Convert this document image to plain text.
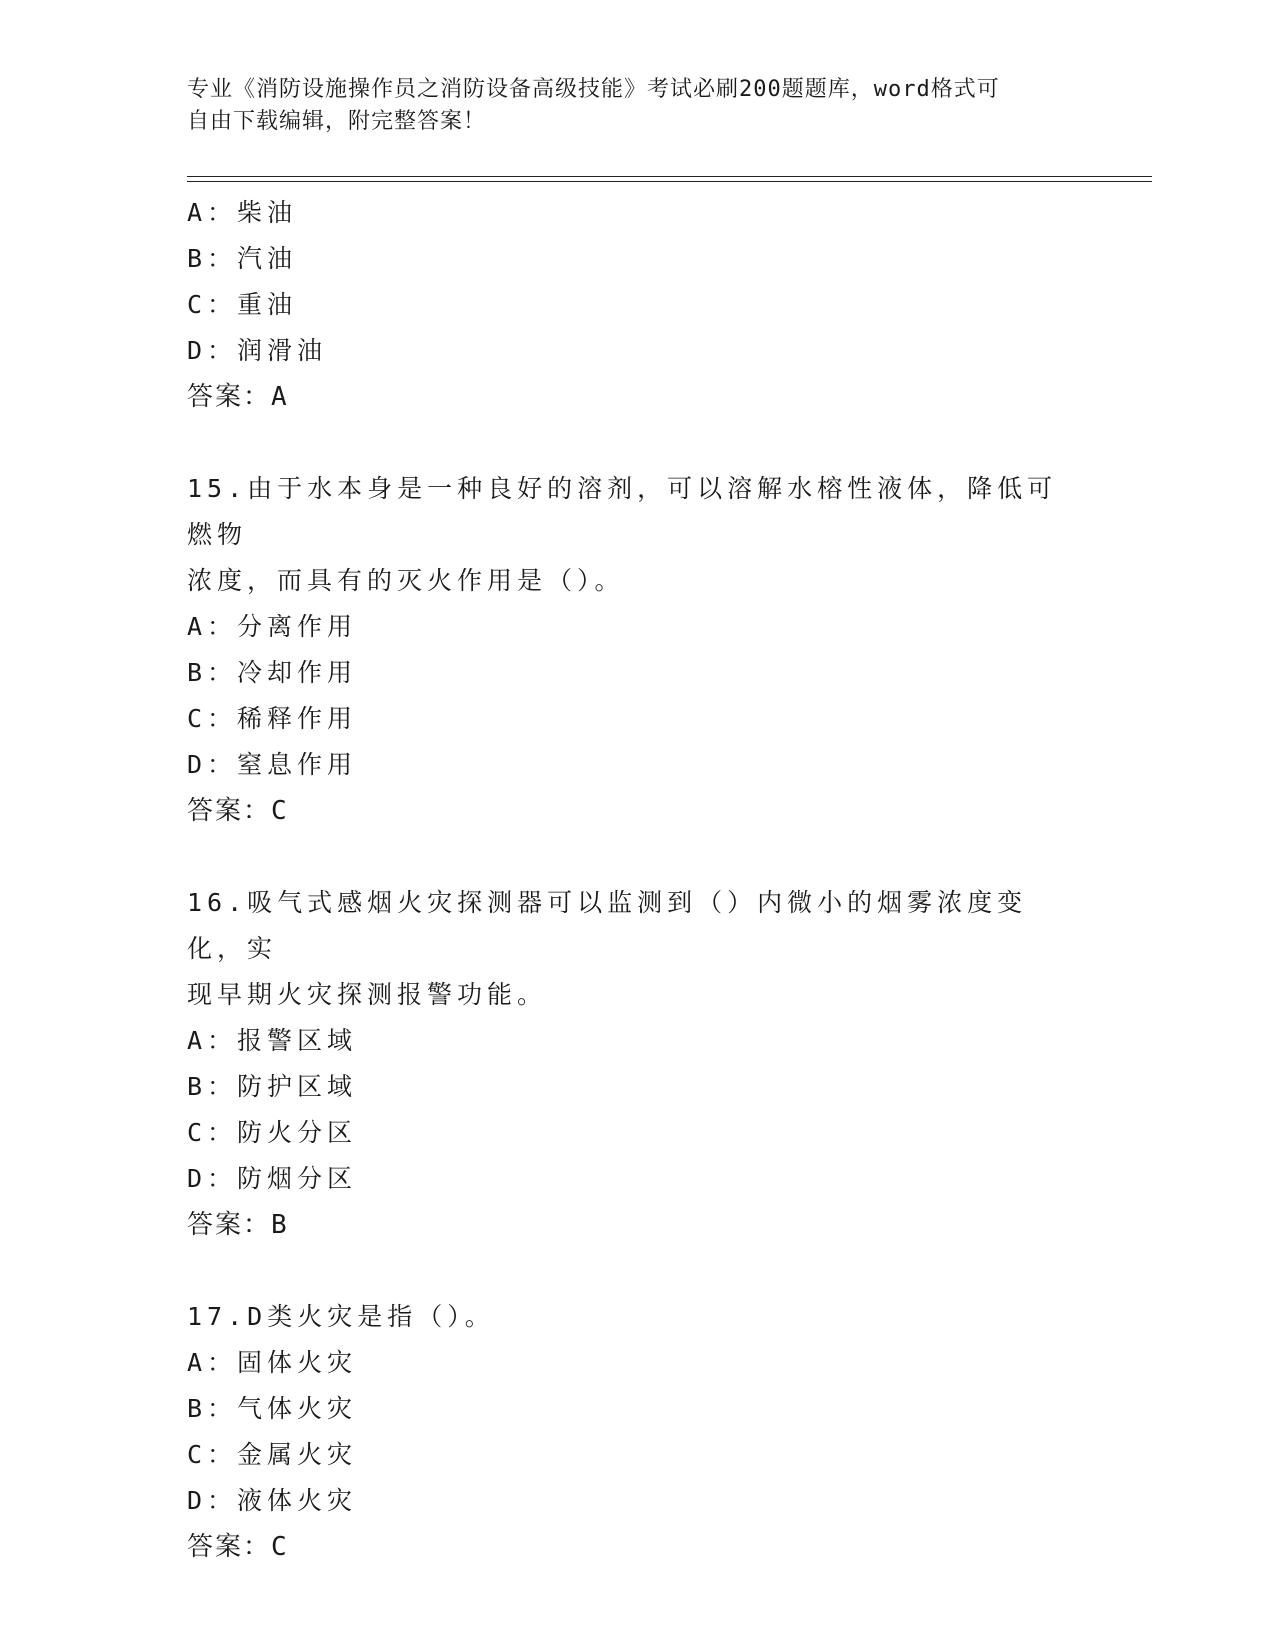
专业《消防设施操作员之消防设备高级技能》考试必刷200题题库，word格式可
自由下载编辑，附完整答案！
A：柴油
B：汽油
C：重油
D：润滑油
答案：A
15.由于水本身是一种良好的溶剂，可以溶解水榕性液体，降低可燃物
浓度，而具有的灭火作用是（）。
A：分离作用
B：冷却作用
C：稀释作用
D：窒息作用
答案：C
16.吸气式感烟火灾探测器可以监测到（）内微小的烟雾浓度变化，实
现早期火灾探测报警功能。
A：报警区域
B：防护区域
C：防火分区
D：防烟分区
答案：B
17.D类火灾是指（）。
A：固体火灾
B：气体火灾
C：金属火灾
D：液体火灾
答案：C
